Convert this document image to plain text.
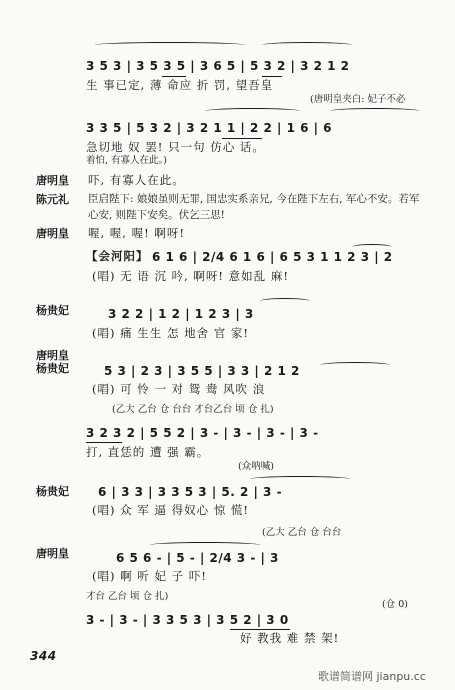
3 5 3 | 3 5 3 5 | 3 6 5 | 5 3 2 | 3 2 1 2
生 事已定, 薄 命应 折 罚, 望吾皇
(唐明皇夹白: 妃子不必
3 3 5 | 5 3 2 | 3 2 1 1 | 2 2 | 1 6 | 6
急切地 奴 罢! 只一句 仿心 话。
着怕, 有寡人在此。)
唐明皇 吓, 有寡人在此。
陈元礼 臣启陛下: 娘娘虽则无罪, 国忠实系亲兄, 今在陛下左右, 军心不安。若军
心安, 则陛下安矣。伏乞三思!
唐明皇 喔, 喔, 喔! 啊呀!
【会河阳】 6 1 6 | 2/4 6 1 6 | 6 5 3 1 1 2 3 | 2
(唱) 无 语 沉 吟, 啊呀! 意如乱 麻!
杨贵妃	3 2 2 | 1 2 | 1 2 3 | 3
(唱) 痛 生生 怎 地舍 官 家!
唐明皇
杨贵妃	5 3 | 2 3 | 3 5 5 | 3 3 | 2 1 2
(唱) 可 怜 一 对 鸳 鸯 风吹 浪
(乙大 乙台 仓 台台 才台乙台 顷 仓 扎)
3 2 3 2 | 5 5 2 | 3 - | 3 - | 3 - | 3 -
打, 直恁的 遭 强 霸。
(众呐喊)
杨贵妃 6 | 3 3 | 3 3 5 3 | 5. 2 | 3 -
(唱) 众 军 逼 得奴心 惊 慌!
(乙大 乙台 仓 台台
唐明皇	6 5 6 - | 5 - | 2/4 3 - | 3
(唱) 啊 听 妃 子 吓!
才台 乙台 顷 仓 扎)
(仓 0)
3 - | 3 - | 3 3 5 3 | 3 5 2 | 3 0
好 教我 难 禁 架!
344
歌谱简谱网 jianpu.cc
